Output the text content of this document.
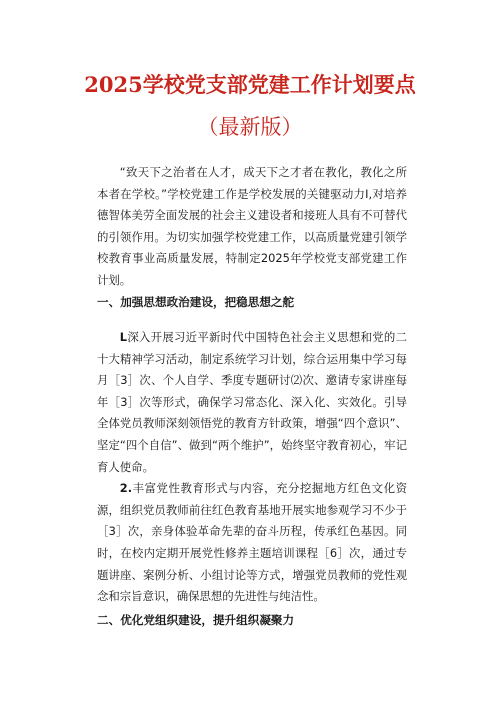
2025学校党支部党建工作计划要点
（最新版）

“致天下之治者在人才，成天下之才者在教化，教化之所本者在学校。”学校党建工作是学校发展的关键驱动力I,对培养德智体美劳全面发展的社会主义建设者和接班人具有不可替代的引领作用。为切实加强学校党建工作，以高质量党建引领学校教育事业高质量发展，特制定2025年学校党支部党建工作计划。

一、加强思想政治建设，把稳思想之舵

L深入开展习近平新时代中国特色社会主义思想和党的二十大精神学习活动，制定系统学习计划，综合运用集中学习每月［3］次、个人自学、季度专题研讨⑵次、邀请专家讲座每年［3］次等形式，确保学习常态化、深入化、实效化。引导全体党员教师深刻领悟党的教育方针政策，增强“四个意识”、坚定“四个自信”、做到“两个维护”，始终坚守教育初心，牢记育人使命。

2.丰富党性教育形式与内容，充分挖掘地方红色文化资源，组织党员教师前往红色教育基地开展实地参观学习不少于［3］次，亲身体验革命先辈的奋斗历程，传承红色基因。同时，在校内定期开展党性修养主题培训课程［6］次，通过专题讲座、案例分析、小组讨论等方式，增强党员教师的党性观念和宗旨意识，确保思想的先进性与纯洁性。

二、优化党组织建设，提升组织凝聚力
